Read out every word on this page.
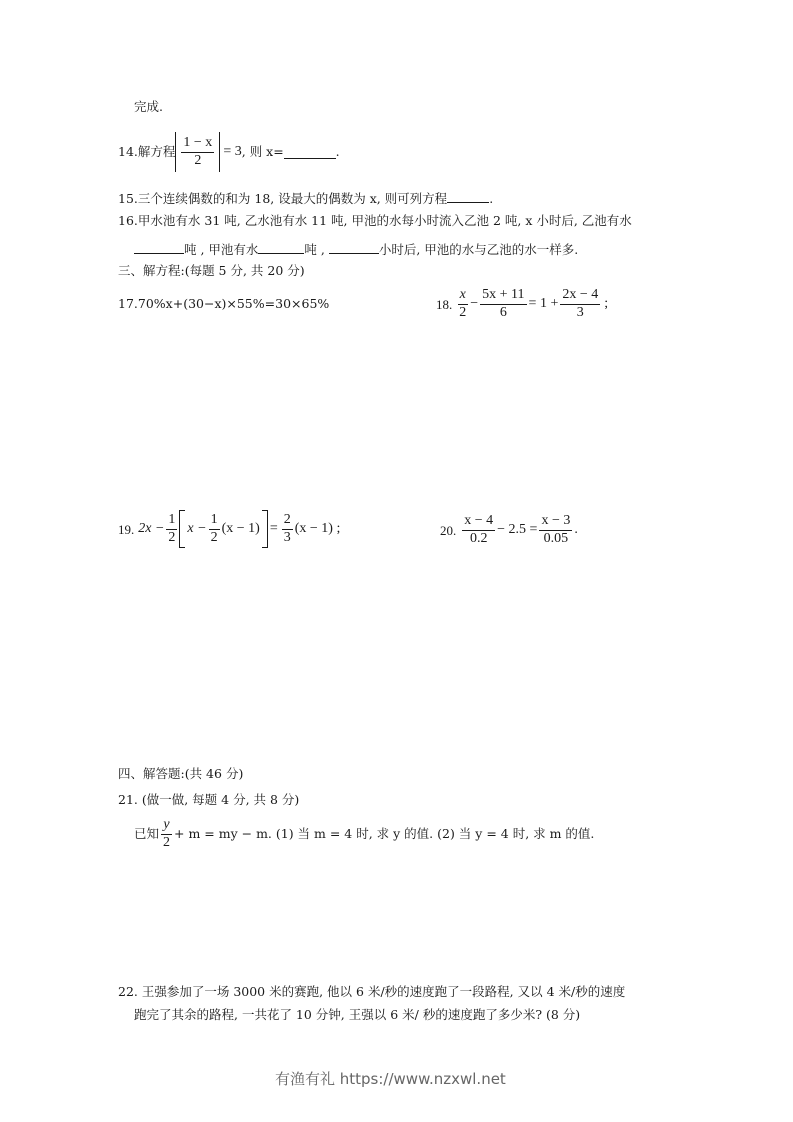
完成.
14. 解方程 $\frac{1 - x}{2} = 3$ , 则 x=	.
15.三个连续偶数的和为 18, 设最大的偶数为 x, 则可列方程	.
16.甲水池有水 31 吨, 乙水池有水 11 吨, 甲池的水每小时流入乙池 2 吨, x 小时后, 乙池有水
吨 , 甲池有水	吨 ,	小时后, 甲池的水与乙池的水一样多.
三、解方程:(每题 5 分, 共 20 分)
17.70%x+(30−x)×55%=30×65%	18. $\frac{x}{2} - \frac{5x + 11}{6} = 1 + \frac{2x - 4}{3}$ ;
19. $2x - \frac{1}{2}$ $x - \frac{1}{2} (x - 1) = \frac{2}{3} (x - 1)$ ;	20. $\frac{x - 4}{0.2} - 2.5 = \frac{x - 3}{0.05}$ .
四、解答题:(共 46 分)
21. (做一做, 每题 4 分, 共 8 分)
已知 $\frac{y}{2} + m$ = my − m. (1) 当 m = 4 时, 求 y 的值. (2) 当 y = 4 时, 求 m 的值.
22. 王强参加了一场 3000 米的赛跑, 他以 6 米/秒的速度跑了一段路程, 又以 4 米/秒的速度
跑完了其余的路程, 一共花了 10 分钟, 王强以 6 米/ 秒的速度跑了多少米? (8 分)
有渔有礼 https://www.nzxwl.net
